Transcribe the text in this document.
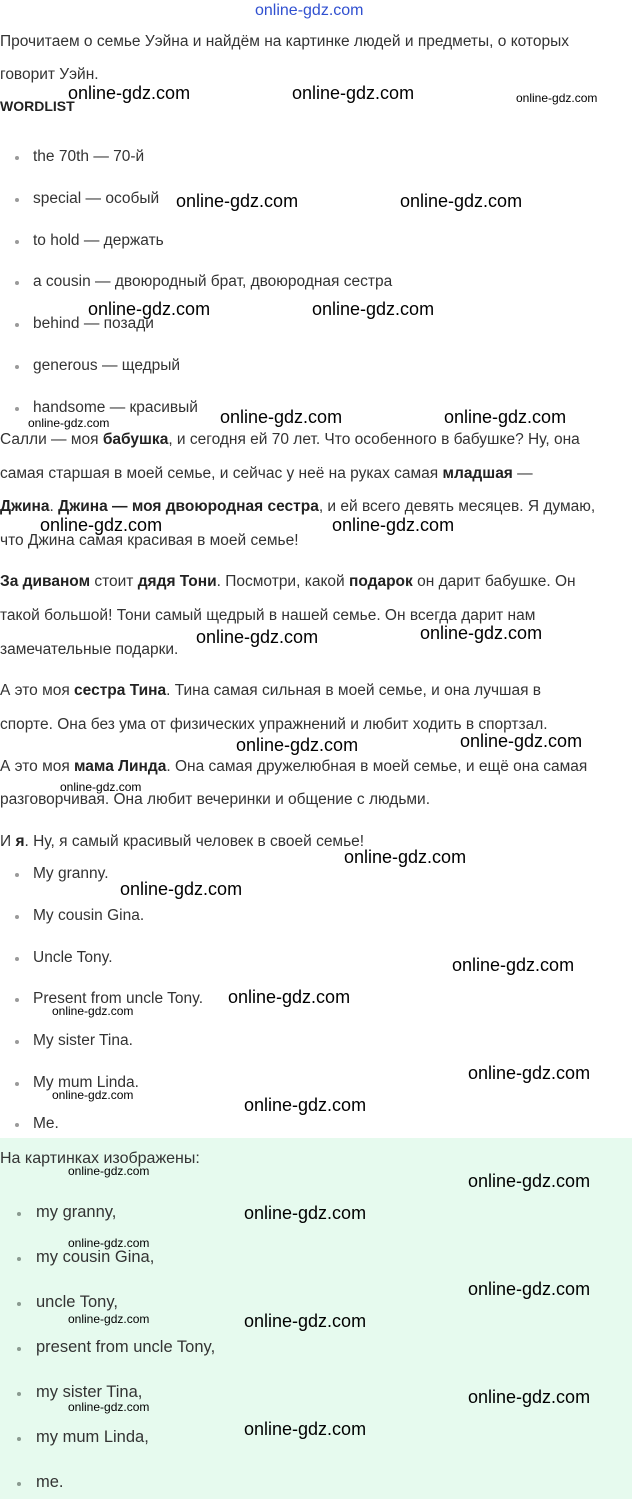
online-gdz.com
Прочитаем о семье Уэйна и найдём на картинке людей и предметы, о которых
говорит Уэйн.
WORDLIST
the 70th — 70-й
special — особый
to hold — держать
a cousin — двоюродный брат, двоюродная сестра
behind — позади
generous — щедрый
handsome — красивый
Салли — моя бабушка, и сегодня ей 70 лет. Что особенного в бабушке? Ну, она
самая старшая в моей семье, и сейчас у неё на руках самая младшая —
Джина. Джина — моя двоюродная сестра, и ей всего девять месяцев. Я думаю,
что Джина самая красивая в моей семье!
За диваном стоит дядя Тони. Посмотри, какой подарок он дарит бабушке. Он
такой большой! Тони самый щедрый в нашей семье. Он всегда дарит нам
замечательные подарки.
А это моя сестра Тина. Тина самая сильная в моей семье, и она лучшая в
спорте. Она без ума от физических упражнений и любит ходить в спортзал.
А это моя мама Линда. Она самая дружелюбная в моей семье, и ещё она самая
разговорчивая. Она любит вечеринки и общение с людьми.
И я. Ну, я самый красивый человек в своей семье!
My granny.
My cousin Gina.
Uncle Tony.
Present from uncle Tony.
My sister Tina.
My mum Linda.
Me.
На картинках изображены:
my granny,
my cousin Gina,
uncle Tony,
present from uncle Tony,
my sister Tina,
my mum Linda,
me.
online-gdz.com	online-gdz.com	online-gdz.com
online-gdz.com	online-gdz.com
online-gdz.com	online-gdz.com
online-gdz.com	online-gdz.com
online-gdz.com
online-gdz.com	online-gdz.com
online-gdz.com	online-gdz.com
online-gdz.com	online-gdz.com
online-gdz.com
online-gdz.com
online-gdz.com
online-gdz.com
online-gdz.com
online-gdz.com
online-gdz.com
online-gdz.com	online-gdz.com
online-gdz.com	online-gdz.com
online-gdz.com
online-gdz.com
online-gdz.com
online-gdz.com	online-gdz.com
online-gdz.com
online-gdz.com
online-gdz.com
